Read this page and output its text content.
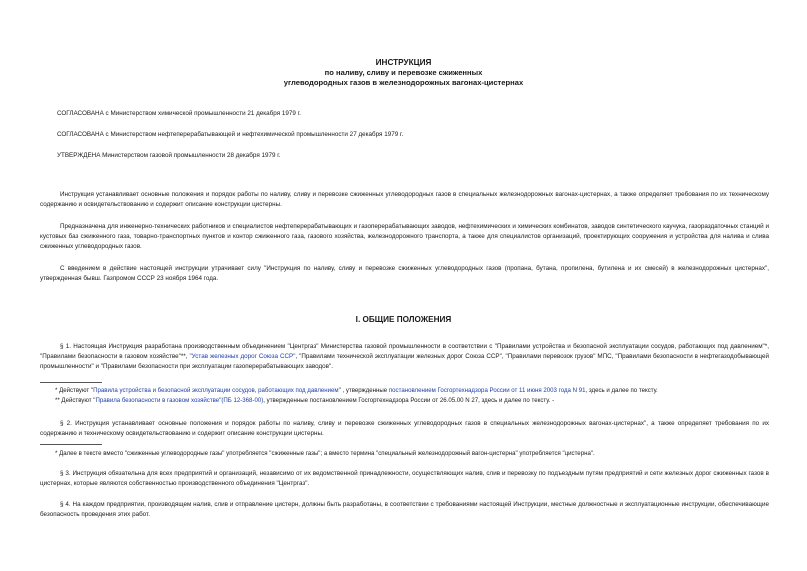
ИНСТРУКЦИЯ
по наливу, сливу и перевозке сжиженных
углеводородных газов в железнодорожных вагонах-цистернах
СОГЛАСОВАНА с Министерством химической промышленности 21 декабря 1979 г.
СОГЛАСОВАНА с Министерством нефтеперерабатывающей и нефтехимической промышленности 27 декабря 1979 г.
УТВЕРЖДЕНА Министерством газовой промышленности 28 декабря 1979 г.
Инструкция устанавливает основные положения и порядок работы по наливу, сливу и перевозке сжиженных углеводородных газов в специальных железнодорожных вагонах-цистернах, а также определяет требования по их техническому содержанию и освидетельствованию и содержит описание конструкции цистерны.
Предназначена для инженерно-технических работников и специалистов нефтеперерабатывающих и газоперерабатывающих заводов, нефтехимических и химических комбинатов, заводов синтетического каучука, газораздаточных станций и кустовых баз сжиженного газа, товарно-транспортных пунктов и контор сжиженного газа, газового хозяйства, железнодорожного транспорта, а также для специалистов организаций, проектирующих сооружения и устройства для налива и слива сжиженных углеводородных газов.
С введением в действие настоящей инструкции утрачивает силу "Инструкция по наливу, сливу и перевозке сжиженных углеводородных газов (пропана, бутана, пропилена, бутилена и их смесей) в железнодорожных цистернах", утвержденная бывш. Газпромом СССР 23 ноября 1964 года.
I. ОБЩИЕ ПОЛОЖЕНИЯ
§ 1. Настоящая Инструкция разработана производственным объединением "Центргаз" Министерства газовой промышленности в соответствии с "Правилами устройства и безопасной эксплуатации сосудов, работающих под давлением"*, "Правилами безопасности в газовом хозяйстве"**, "Устав железных дорог Союза ССР", "Правилами технической эксплуатации железных дорог Союза ССР", "Правилами перевозок грузов" МПС, "Правилами безопасности в нефтегазодобывающей промышленности" и "Правилами безопасности при эксплуатации газоперерабатывающих заводов".
* Действуют "Правила устройства и безопасной эксплуатации сосудов, работающих под давлением" , утвержденные постановлением Госгортехнадзора России от 11 июня 2003 года N 91, здесь и далее по тексту.
** Действуют "Правила безопасности в газовом хозяйстве"(ПБ 12-368-00), утвержденные постановлением Госгортехнадзора России от 26.05.00 N 27, здесь и далее по тексту. -
§ 2. Инструкция устанавливает основные положения и порядок работы по наливу, сливу и перевозке сжиженных углеводородных газов в специальных железнодорожных вагонах-цистернах", а также определяет требования по их содержанию и техническому освидетельствованию и содержит описание конструкции цистерны.
* Далее в тексте вместо "сжиженные углеводородные газы" употребляется "сжиженные газы"; а вместо термина "специальный железнодорожный вагон-цистерна" употребляется "цистерна".
§ 3. Инструкция обязательна для всех предприятий и организаций, независимо от их ведомственной принадлежности, осуществляющих налив, слив и перевозку по подъездным путям предприятий и сети железных дорог сжиженных газов в цистернах, которые являются собственностью производственного объединения "Центргаз".
§ 4. На каждом предприятии, производящем налив, слив и отправление цистерн, должны быть разработаны, в соответствии с требованиями настоящей Инструкции, местные должностные и эксплуатационные инструкции, обеспечивающие безопасность проведения этих работ.
